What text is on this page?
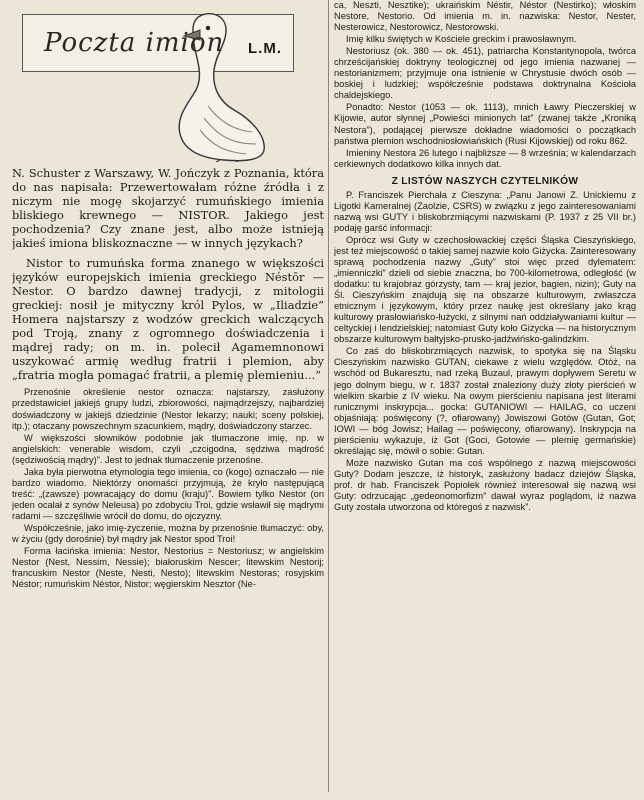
Poczta imion L.M.

N. Schuster z Warszawy, W. Jończyk z Poznania, która do nas napisała: Przewertowałam różne źródła i z niczym nie mogę skojarzyć rumuńskiego imienia bliskiego krewnego — NISTOR. Jakiego jest pochodzenia? Czy znane jest, albo może istnieją jakieś imiona bliskoznaczne — w innych językach?

Nistor to rumuńska forma znanego w większości języków europejskich imienia greckiego Néstōr — Nestor. O bardzo dawnej tradycji, z mitologii greckiej: nosił je mityczny król Pylos, w „Iliadzie” Homera najstarszy z wodzów greckich walczących pod Troją, znany z ogromnego doświadczenia i mądrej rady; on m. in. polecił Agamemnonowi uszykować armię według fratrii i plemion, aby „fratria mogła pomagać fratrii, a plemię plemieniu...”

Przenośnie określenie nestor oznacza: najstarszy, zasłużony przedstawiciel jakiejś grupy ludzi, zbiorowości, najmądrzejszy, najbardziej doświadczony w jakiejś dziedzinie (Nestor lekarzy; nauki; sceny polskiej, itp.); otaczany powszechnym szacunkiem, mądry, doświadczony starzec.

W większości słowników podobnie jak tłumaczone imię, np. w angielskich: venerable wisdom, czyli „czcigodna, sędziwa mądrość (sędziwością mądry)”. Jest to jednak tłumaczenie przenośne.

Jaka była pierwotna etymologia tego imienia, co (kogo) oznaczało — nie bardzo wiadomo. Niektórzy onomaści przyjmują, że kryło następującą treść: „(zawsze) powracający do domu (kraju)”. Bowiem tylko Nestor (on jeden ocalał z synów Neleusa) po zdobyciu Troi, gdzie wsławił się mądrymi radami — szczęśliwie wrócił do domu, do ojczyzny.

Współcześnie, jako imię-życzenie, można by przenośnie tłumaczyć: oby, w życiu (gdy dorośnie) był mądry jak Nestor spod Troi!

Forma łacińska imienia: Nestor, Nestorius = Nestoriusz; w angielskim Nestor (Nest, Nessim, Nessie); białoruskim Nescer; litewskim Nestorij; francuskim Nestor (Neste, Nesti, Nesto); litewskim Nestoras; rosyjskim Néstor; rumuńskim Néstor, Nistor; węgierskim Nesztor (Ne-

ca, Neszti, Nesztike); ukraińskim Néstir, Néstor (Nestirko); włoskim Nestore, Nestorio. Od imienia m. in. nazwiska: Nestor, Nester, Nesterowicz, Nestorowicz, Nestorowski.

Imię kilku świętych w Kościele greckim i prawosławnym.

Nestoriusz (ok. 380 — ok. 451), patriarcha Konstantynopola, twórca chrześcijańskiej doktryny teologicznej od jego imienia nazwanej — nestorianizmem; przyjmuje ona istnienie w Chrystusie dwóch osób — boskiej i ludzkiej; współcześnie podstawa doktrynalna Kościoła chaldejskiego.

Ponadto: Nestor (1053 — ok. 1113), mnich Ławry Pieczerskiej w Kijowie, autor słynnej „Powieści minionych lat” (zwanej także „Kroniką Nestora”), podającej pierwsze dokładne wiadomości o początkach państwa plemion wschodniosłowiańskich (Rusi Kijowskiej) od roku 862.

Imieniny Nestora 26 lutego i najbliższe — 8 września; w kalendarzach cerkiewnych dodatkowo kilka innych dat.

Z LISTÓW NASZYCH CZYTELNIKÓW

P. Franciszek Pierchała z Cieszyna: „Panu Janowi Z. Unickiemu z Ligotki Kameralnej (Zaolzie, CSRS) w związku z jego zainteresowaniami nazwą wsi GUTY i bliskobrzmiącymi nazwiskami (P. 1937 z 25 VII br.) podaję garść informacji:

Oprócz wsi Guty w czechosłowackiej części Śląska Cieszyńskiego, jest też miejscowość o takiej samej nazwie koło Giżycka. Zainteresowany sprawą pochodzenia nazwy „Guty” stoi więc przed dylematem: „imienniczki” dzieli od siebie znaczna, bo 700-kilometrowa, odległość (w dodatku: tu krajobraz górzysty, tam — kraj jezior, bagien, nizin); Guty na Śl. Cieszyńskim znajdują się na obszarze kulturowym, zwłaszcza etnicznym i językowym, który przez naukę jest określany jako krąg kulturowy prasłowiańsko-łużycki, z silnymi nań oddziaływaniami kultur — celtyckiej i lendzielskiej; natomiast Guty koło Giżycka — na historycznym obszarze kulturowym bałtyjsko-prusko-jadźwińsko-galindzkim.

Co zaś do bliskobrzmiących nazwisk, to spotyka się na Śląsku Cieszyńskim nazwisko GUTAN, ciekawe z wielu względów. Otóż, na wschód od Bukaresztu, nad rzeką Buzaul, prawym dopływem Seretu w jego dolnym biegu, w r. 1837 został znaleziony duży złoty pierścień w wielkim skarbie z IV wieku. Na owym pierścieniu napisana jest literami runicznymi inskrypcja... gocka: GUTANIOWI — HAILAG, co uczeni objaśniają: poświęcony (?, ofiarowany) Jowiszowi Gotów (Gutan, Got; IOWI — bóg Jowisz; Hailag — poświęcony, ofiarowany). Inskrypcja na pierścieniu wykazuje, iż Got (Goci, Gotowie — plemię germańskie) określając się, mówił o sobie: Gutan.

Może nazwisko Gutan ma coś wspólnego z nazwą miejscowości Guty? Dodam jeszcze, iż historyk, zasłużony badacz dziejów Śląska, prof. dr hab. Franciszek Popiołek również interesował się nazwą wsi Guty: odrzucając „gedeonomorfizm” dawał wyraz poglądom, iż nazwa Guty została utworzona od któregoś z nazwisk”.
